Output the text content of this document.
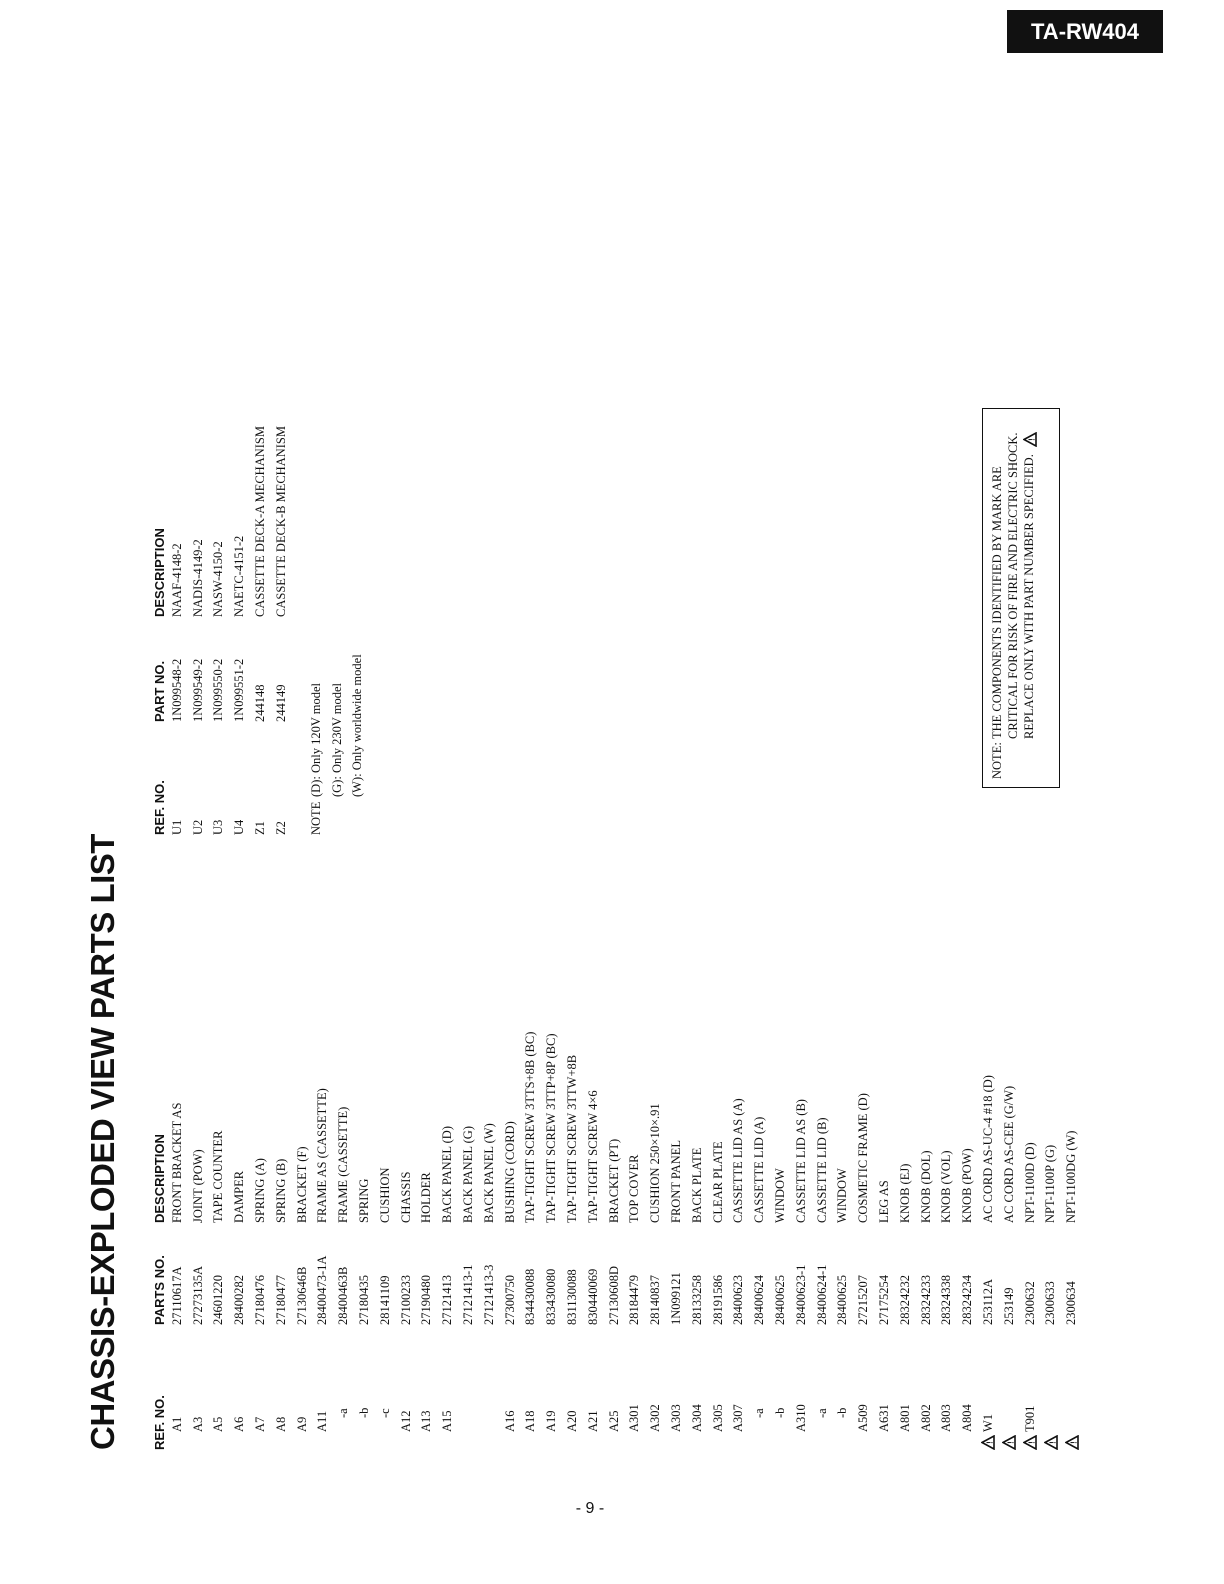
TA-RW404
CHASSIS-EXPLODED VIEW PARTS LIST REF. NO.
PARTS NO.
DESCRIPTION
A1
27110617A
FRONT BRACKET AS
A3
27273135A
JOINT (POW)
A5
24601220
TAPE COUNTER
A6
28400282
DAMPER
A7
27180476
SPRING (A)
A8
27180477
SPRING (B)
A9
27130646B
BRACKET (F)
A11
28400473-1A
FRAME AS (CASSETTE)
-a
28400463B
FRAME (CASSETTE)
-b
27180435
SPRING
-c
28141109
CUSHION
A12
27100233
CHASSIS
A13
27190480
HOLDER
A15
27121413
BACK PANEL (D)
27121413-1
BACK PANEL (G)
27121413-3
BACK PANEL (W)
A16
27300750
BUSHING (CORD)
A18
834430088
TAP-TIGHT SCREW 3TTS+8B (BC)
A19
833430080
TAP-TIGHT SCREW 3TTP+8P (BC)
A20
831130088
TAP-TIGHT SCREW 3TTW+8B
A21
830440069
TAP-TIGHT SCREW 4×6
A25
27130608D
BRACKET (PT)
A301
28184479
TOP COVER
A302
28140837
CUSHION 250×10×.91
A303
1N099121
FRONT PANEL
A304
28133258
BACK PLATE
A305
28191586
CLEAR PLATE
A307
28400623
CASSETTE LID AS (A)
-a
28400624
CASSETTE LID (A)
-b
28400625
WINDOW
A310
28400623-1
CASSETTE LID AS (B)
-a
28400624-1
CASSETTE LID (B)
-b
28400625
WINDOW
A509
27215207
COSMETIC FRAME (D)
A631
27175254
LEG AS
A801
28324232
KNOB (EJ)
A802
28324233
KNOB (DOL)
A803
28324338
KNOB (VOL)
A804
28324234
KNOB (POW)
!
W1
253112A
AC CORD AS-UC-4 #18 (D)
!
253149
AC CORD AS-CEE (G/W)
!
T901
2300632
NPT-1100D (D)
!
2300633
NPT-1100P (G)
!
2300634
NPT-1100DG (W)
REF. NO.
PART NO.
DESCRIPTION
U1
1N099548-2
NAAF-4148-2
U2
1N099549-2
NADIS-4149-2
U3
1N099550-2
NASW-4150-2
U4
1N099551-2
NAETC-4151-2
Z1
244148
CASSETTE DECK-A MECHANISM
Z2
244149
CASSETTE DECK-B MECHANISM
NOTE
(D): Only 120V model (G): Only 230V model (W): Only worldwide model	NOTE:
THE COMPONENTS IDENTIFIED BY MARK ARE CRITICAL FOR RISK OF FIRE AND ELECTRIC SHOCK. REPLACE ONLY WITH PART NUMBER SPECIFIED.
!
- 9 -
